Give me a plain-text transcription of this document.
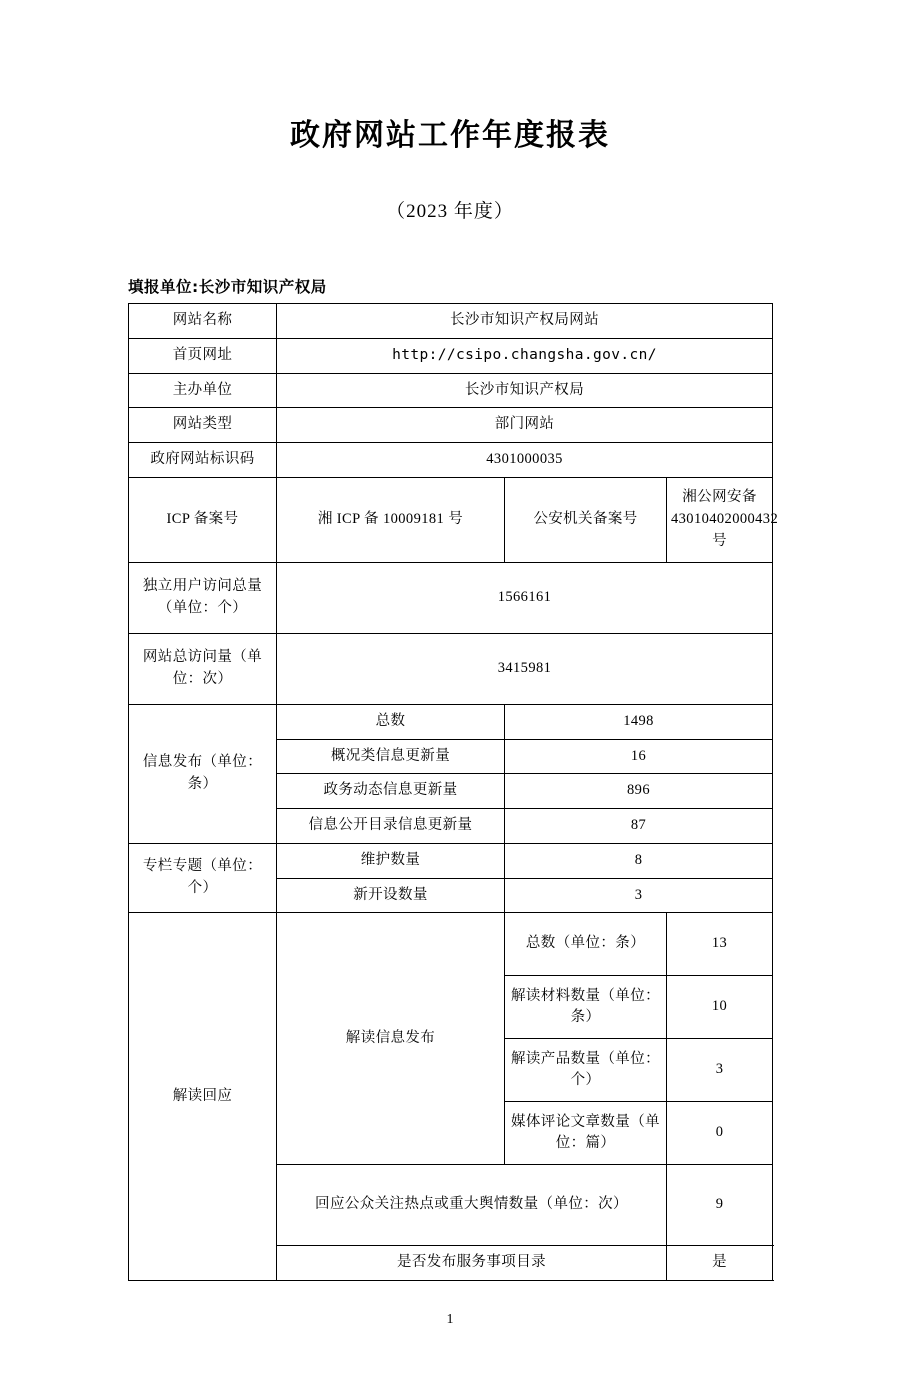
政府网站工作年度报表
（2023 年度）
填报单位:长沙市知识产权局
网站名称	长沙市知识产权局网站		
首页网址	http://csipo.changsha.gov.cn/		
主办单位	长沙市知识产权局		
网站类型	部门网站		
政府网站标识码	4301000035		
ICP 备案号	湘 ICP 备 10009181 号	公安机关备案号	湘公网安备 43010402000432 号
独立用户访问总量（单位：个）	1566161		
网站总访问量（单位：次）	3415981		
信息发布（单位：条）	总数	1498	
	概况类信息更新量	16	
	政务动态信息更新量	896	
	信息公开目录信息更新量	87	
专栏专题（单位：个）	维护数量	8	
	新开设数量	3	
解读回应	解读信息发布	总数（单位：条）	13
		解读材料数量（单位：条）	10
		解读产品数量（单位：个）	3
		媒体评论文章数量（单位：篇）	0
	回应公众关注热点或重大舆情数量（单位：次）		9
	是否发布服务事项目录		是
1
